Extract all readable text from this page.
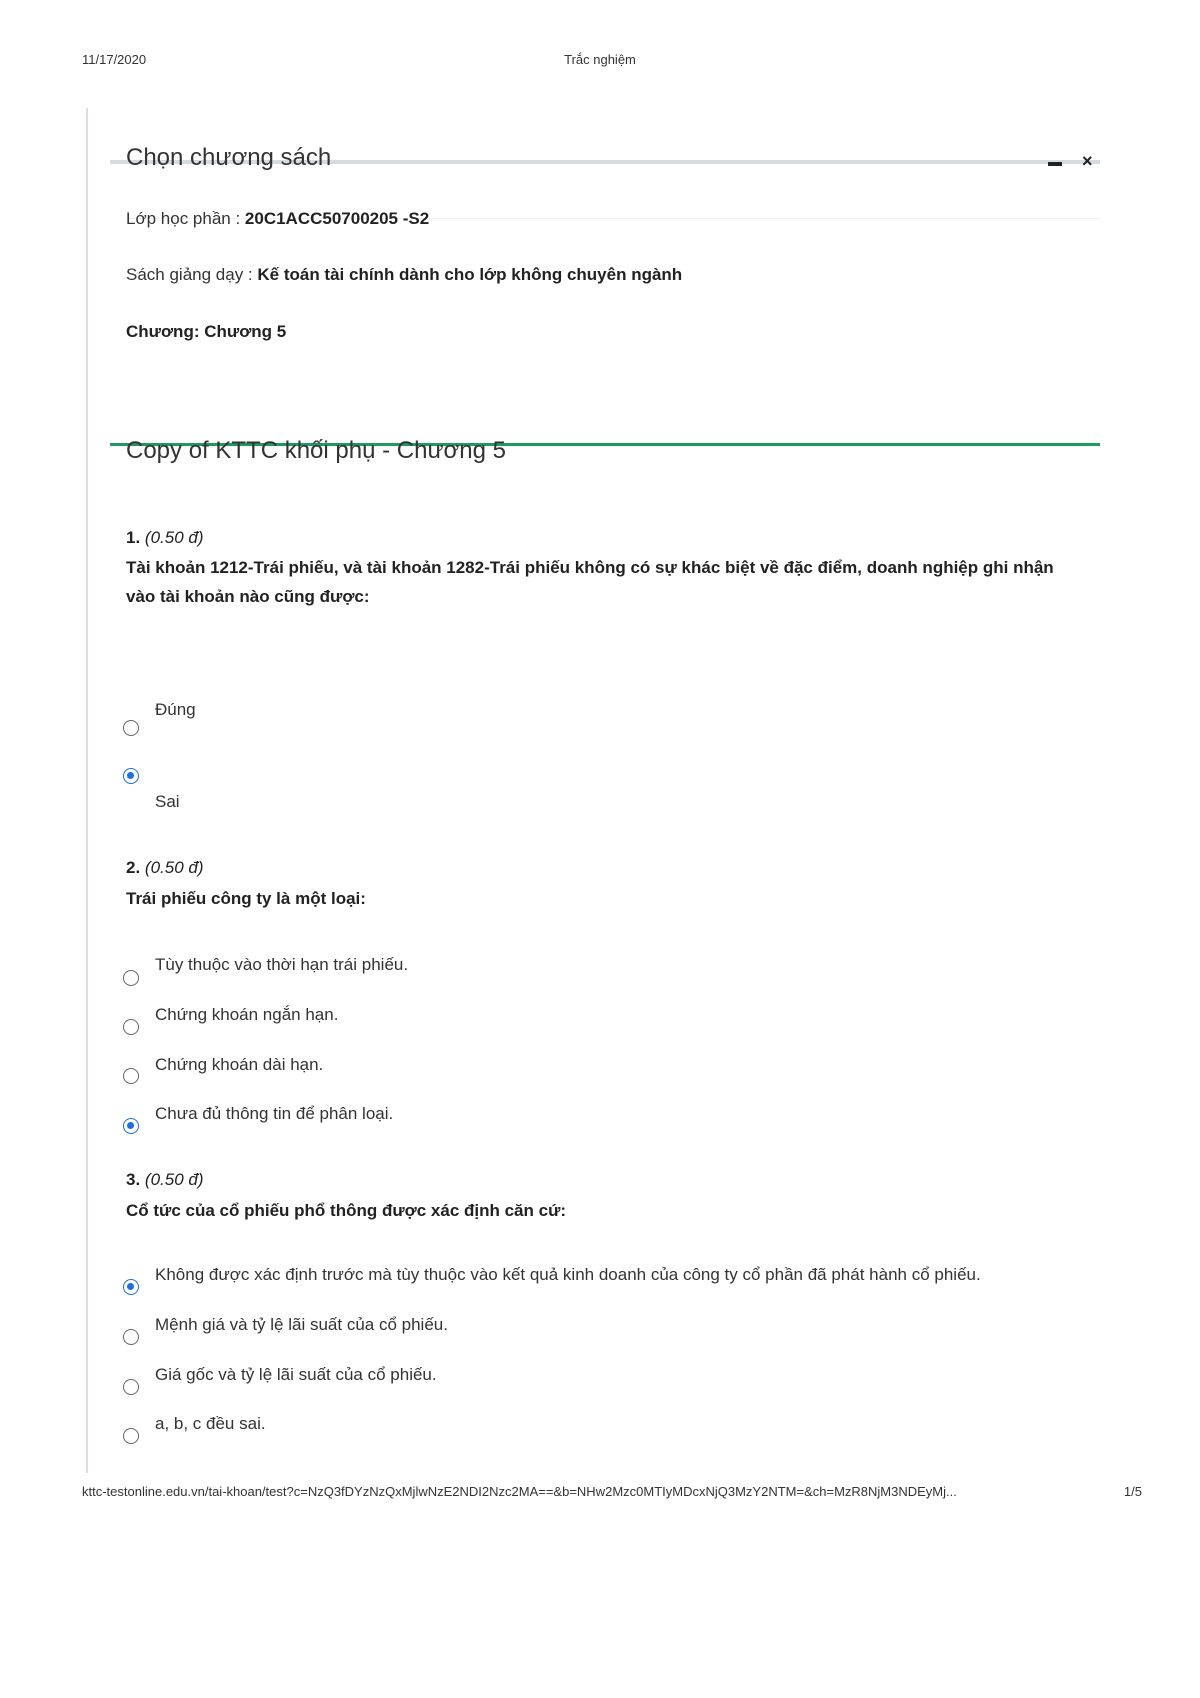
11/17/2020	Trắc nghiệm
Chọn chương sách	×
Lớp học phần : 20C1ACC50700205 -S2
Sách giảng dạy : Kế toán tài chính dành cho lớp không chuyên ngành
Chương: Chương 5
Copy of KTTC khối phụ - Chương 5
1. (0.50 đ)
Tài khoản 1212-Trái phiếu, và tài khoản 1282-Trái phiếu không có sự khác biệt về đặc điểm, doanh nghiệp ghi nhận vào tài khoản nào cũng được:
Đúng
Sai
2. (0.50 đ)
Trái phiếu công ty là một loại:
Tùy thuộc vào thời hạn trái phiếu.
Chứng khoán ngắn hạn.
Chứng khoán dài hạn.
Chưa đủ thông tin để phân loại.
3. (0.50 đ)
Cổ tức của cổ phiếu phổ thông được xác định căn cứ:
Không được xác định trước mà tùy thuộc vào kết quả kinh doanh của công ty cổ phần đã phát hành cổ phiếu.
Mệnh giá và tỷ lệ lãi suất của cổ phiếu.
Giá gốc và tỷ lệ lãi suất của cổ phiếu.
a, b, c đều sai.
kttc-testonline.edu.vn/tai-khoan/test?c=NzQ3fDYzNzQxMjlwNzE2NDI2Nzc2MA==&b=NHw2Mzc0MTIyMDcxNjQ3MzY2NTM=&ch=MzR8NjM3NDEyMj...	1/5
